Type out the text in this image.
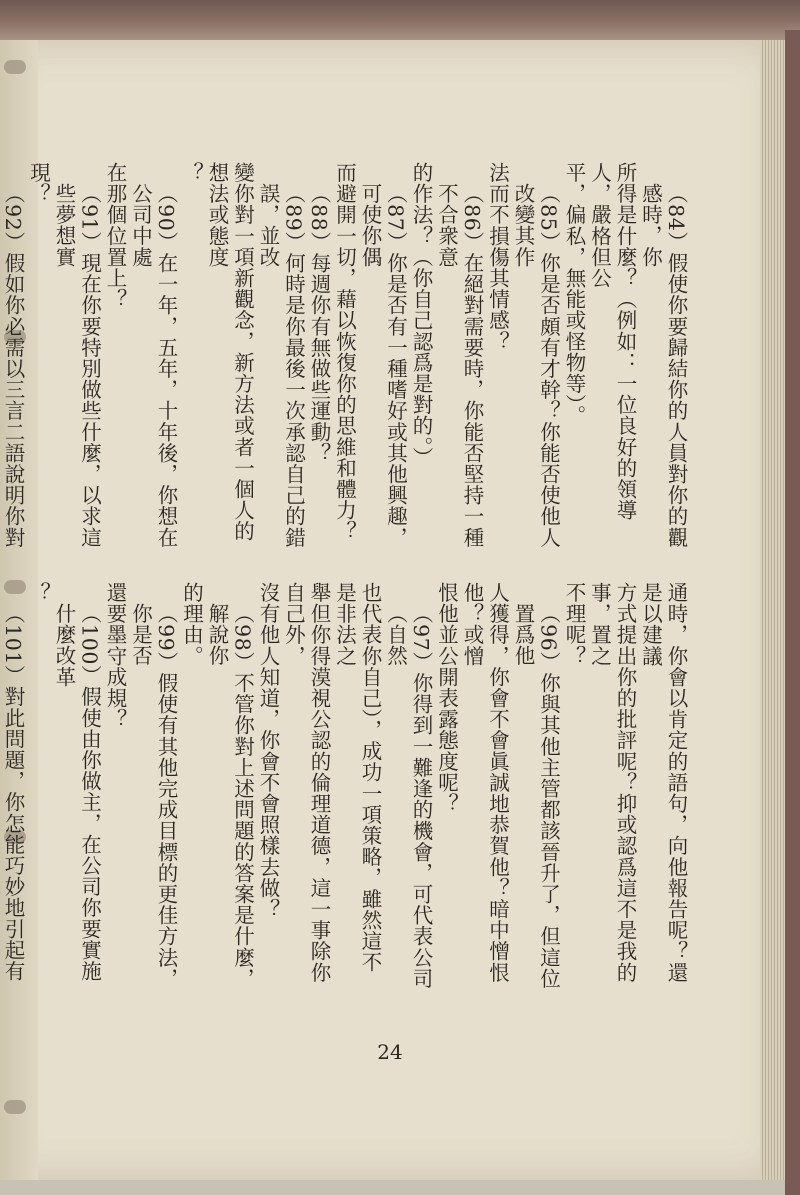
（84）假使你要歸結你的人員對你的觀感時，你

所得是什麼？（例如：一位良好的領導人，嚴格但公

平，偏私，無能或怪物等）。

（85）你是否頗有才幹？你能否使他人改變其作

法而不損傷其情感？

（86）在絕對需要時，你能否堅持一種不合衆意

的作法？（你自己認爲是對的。）

（87）你是否有一種嗜好或其他興趣，可使你偶

而避開一切，藉以恢復你的思維和體力？

（88）每週你有無做些運動？

（89）何時是你最後一次承認自己的錯誤，並改

變你對一項新觀念，新方法或者一個人的想法或態度

？

（90）在一年，五年，十年後，你想在公司中處

在那個位置上？

（91）現在你要特別做些什麼，以求這些夢想實

現？

（92）假如你必需以三言二語說明你對

通時，你會以肯定的語句，向他報告呢？還是以建議

方式提出你的批評呢？抑或認爲這不是我的事，置之

不理呢？

（96）你與其他主管都該晉升了，但這位置爲他

人獲得，你會不會眞誠地恭賀他？暗中憎恨他？或憎

恨他並公開表露態度呢？

（97）你得到一難逢的機會，可代表公司（自然

也代表你自己），成功一項策略，雖然這不是非法之

舉但你得漠視公認的倫理道德，這一事除你自己外，

沒有他人知道，你會不會照樣去做？

（98）不管你對上述問題的答案是什麼，解說你

的理由。

（99）假使有其他完成目標的更佳方法，你是否

還要墨守成規？

（100）假使由你做主，在公司你要實施什麼改革

？

（101）對此問題，你怎能巧妙地引起有

24
